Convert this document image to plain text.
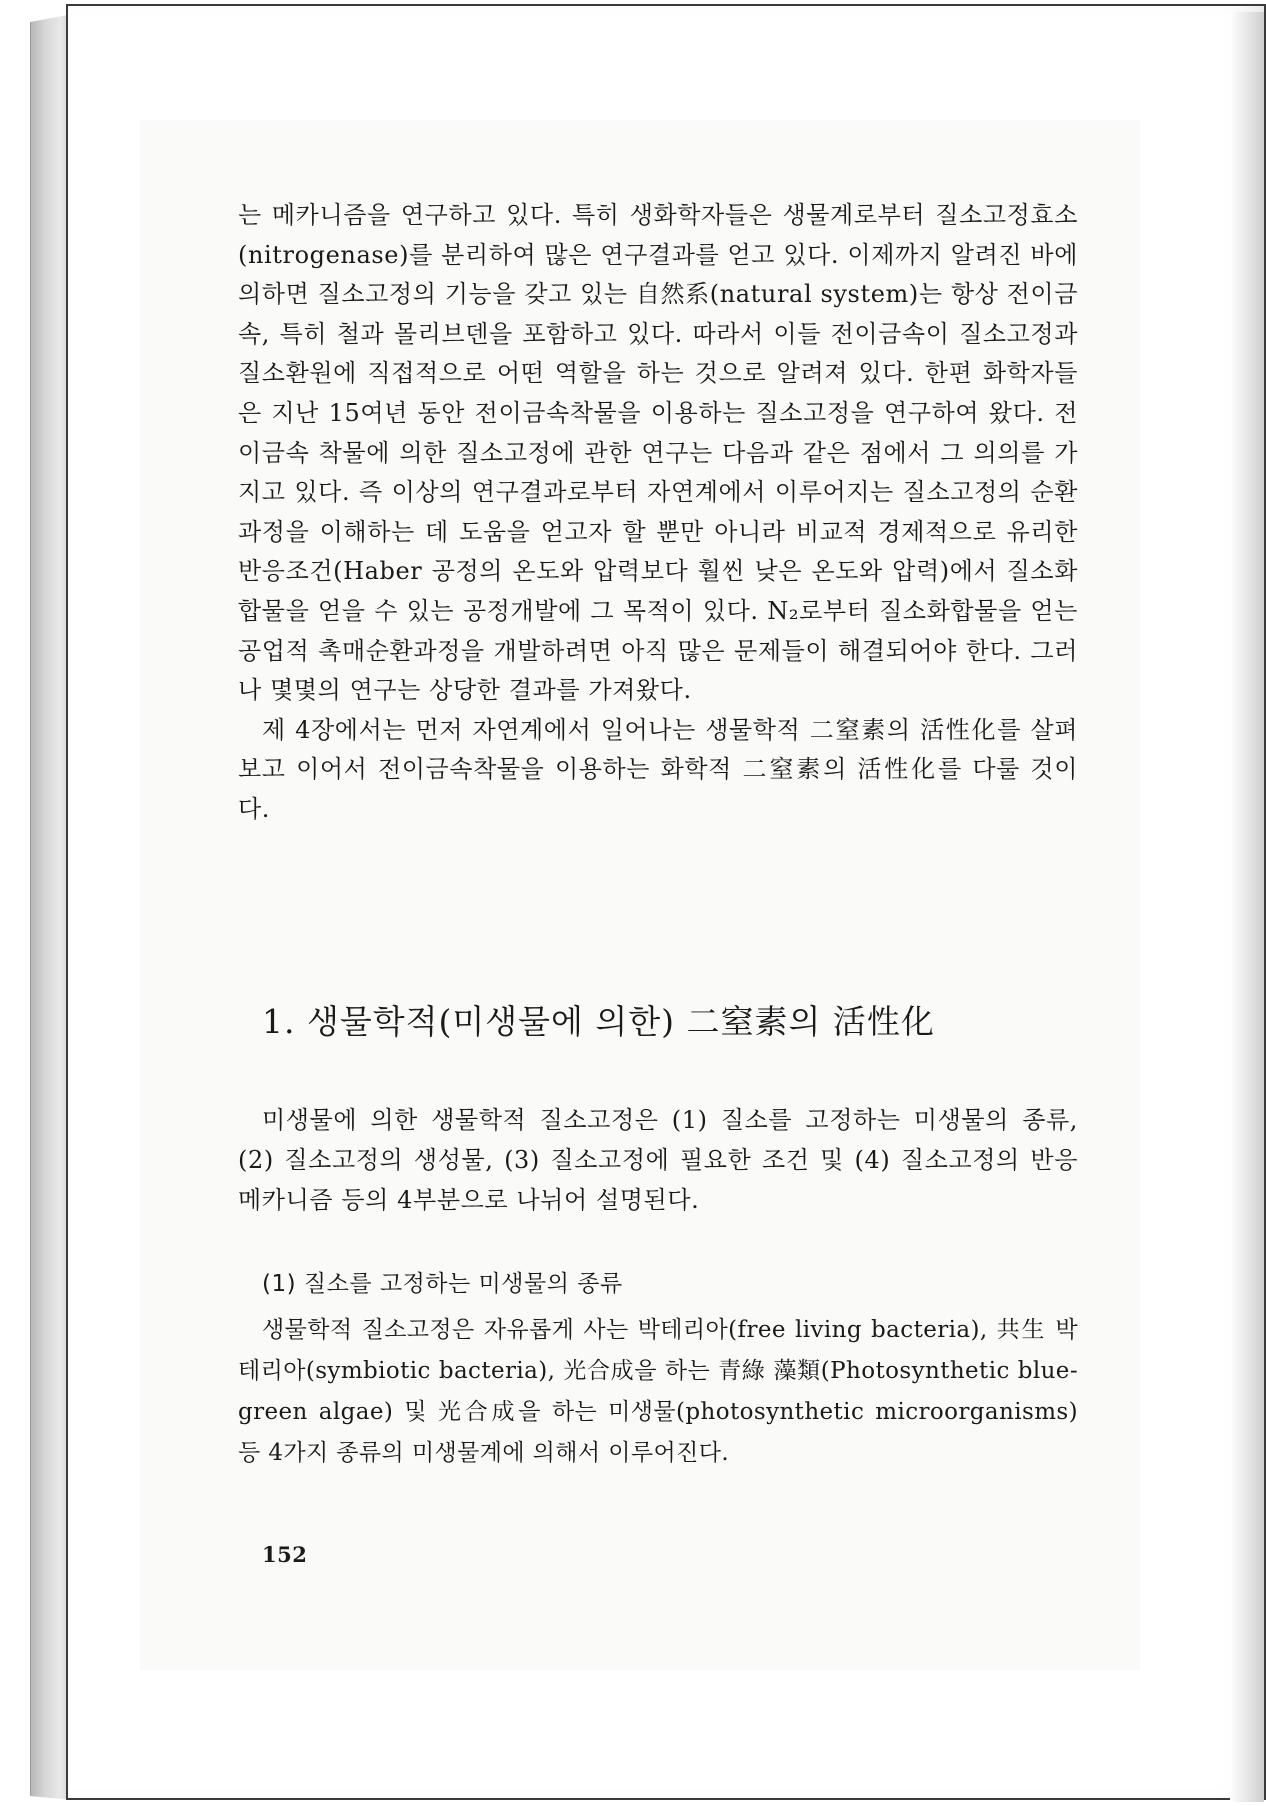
는 메카니즘을 연구하고 있다. 특히 생화학자들은 생물계로부터 질소고정효소(nitrogenase)를 분리하여 많은 연구결과를 얻고 있다. 이제까지 알려진 바에 의하면 질소고정의 기능을 갖고 있는 自然系(natural system)는 항상 전이금속, 특히 철과 몰리브덴을 포함하고 있다. 따라서 이들 전이금속이 질소고정과 질소환원에 직접적으로 어떤 역할을 하는 것으로 알려져 있다. 한편 화학자들은 지난 15여년 동안 전이금속착물을 이용하는 질소고정을 연구하여 왔다. 전이금속 착물에 의한 질소고정에 관한 연구는 다음과 같은 점에서 그 의의를 가지고 있다. 즉 이상의 연구결과로부터 자연계에서 이루어지는 질소고정의 순환과정을 이해하는 데 도움을 얻고자 할 뿐만 아니라 비교적 경제적으로 유리한 반응조건(Haber 공정의 온도와 압력보다 훨씬 낮은 온도와 압력)에서 질소화합물을 얻을 수 있는 공정개발에 그 목적이 있다. N₂로부터 질소화합물을 얻는 공업적 촉매순환과정을 개발하려면 아직 많은 문제들이 해결되어야 한다. 그러나 몇몇의 연구는 상당한 결과를 가져왔다.

제 4장에서는 먼저 자연계에서 일어나는 생물학적 二窒素의 活性化를 살펴보고 이어서 전이금속착물을 이용하는 화학적 二窒素의 活性化를 다룰 것이다.

1. 생물학적(미생물에 의한) 二窒素의 活性化

미생물에 의한 생물학적 질소고정은 (1) 질소를 고정하는 미생물의 종류, (2) 질소고정의 생성물, (3) 질소고정에 필요한 조건 및 (4) 질소고정의 반응메카니즘 등의 4부분으로 나뉘어 설명된다.

(1) 질소를 고정하는 미생물의 종류

생물학적 질소고정은 자유롭게 사는 박테리아(free living bacteria), 共生 박테리아(symbiotic bacteria), 光合成을 하는 青綠 藻類(Photosynthetic blue-green algae) 및 光合成을 하는 미생물(photosynthetic microorganisms) 등 4가지 종류의 미생물계에 의해서 이루어진다.

152
